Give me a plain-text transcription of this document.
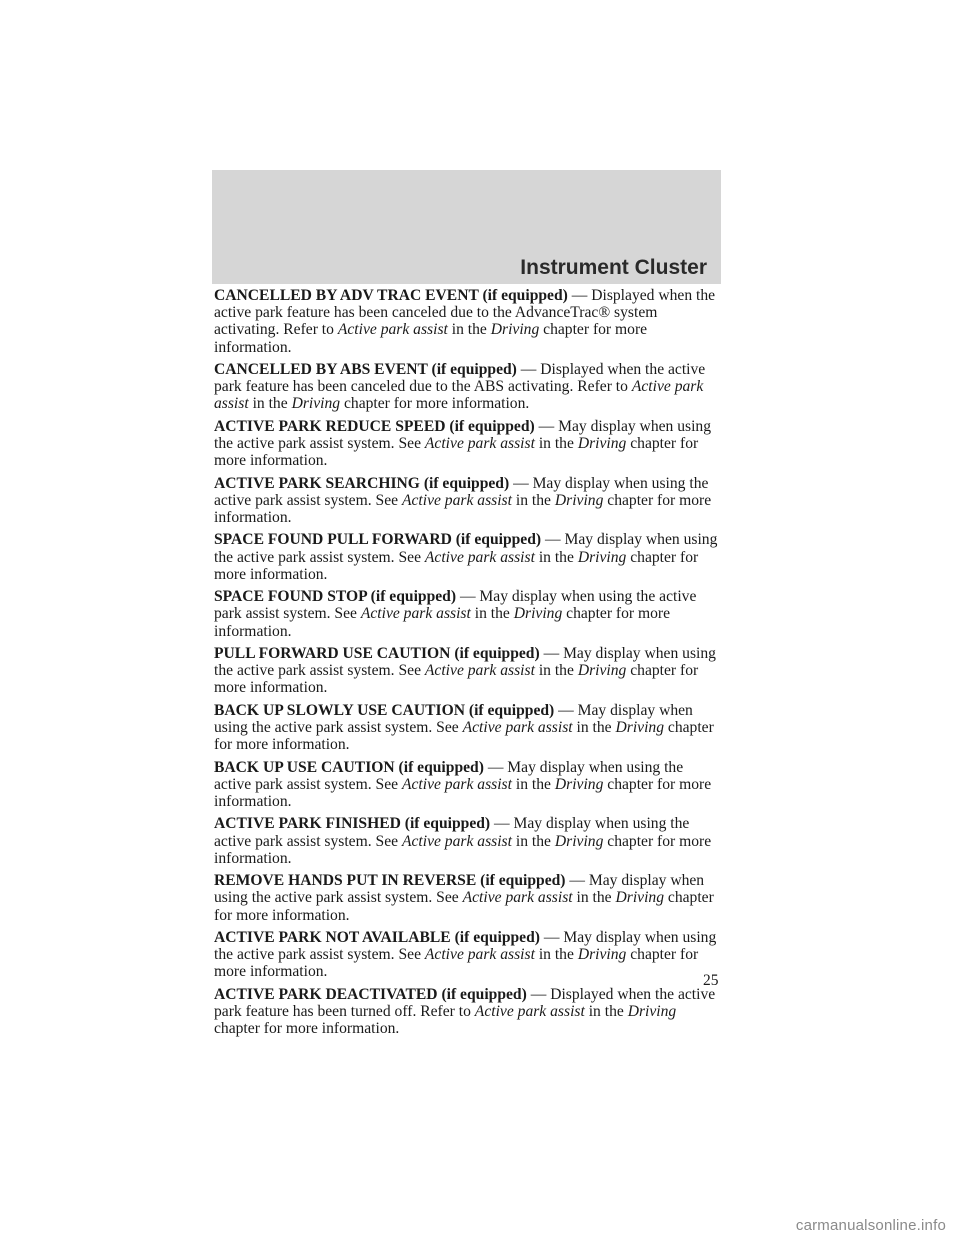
Instrument Cluster

CANCELLED BY ADV TRAC EVENT (if equipped) — Displayed when the active park feature has been canceled due to the AdvanceTrac® system activating. Refer to Active park assist in the Driving chapter for more information.

CANCELLED BY ABS EVENT (if equipped) — Displayed when the active park feature has been canceled due to the ABS activating. Refer to Active park assist in the Driving chapter for more information.

ACTIVE PARK REDUCE SPEED (if equipped) — May display when using the active park assist system. See Active park assist in the Driving chapter for more information.

ACTIVE PARK SEARCHING (if equipped) — May display when using the active park assist system. See Active park assist in the Driving chapter for more information.

SPACE FOUND PULL FORWARD (if equipped) — May display when using the active park assist system. See Active park assist in the Driving chapter for more information.

SPACE FOUND STOP (if equipped) — May display when using the active park assist system. See Active park assist in the Driving chapter for more information.

PULL FORWARD USE CAUTION (if equipped) — May display when using the active park assist system. See Active park assist in the Driving chapter for more information.

BACK UP SLOWLY USE CAUTION (if equipped) — May display when using the active park assist system. See Active park assist in the Driving chapter for more information.

BACK UP USE CAUTION (if equipped) — May display when using the active park assist system. See Active park assist in the Driving chapter for more information.

ACTIVE PARK FINISHED (if equipped) — May display when using the active park assist system. See Active park assist in the Driving chapter for more information.

REMOVE HANDS PUT IN REVERSE (if equipped) — May display when using the active park assist system. See Active park assist in the Driving chapter for more information.

ACTIVE PARK NOT AVAILABLE (if equipped) — May display when using the active park assist system. See Active park assist in the Driving chapter for more information.

ACTIVE PARK DEACTIVATED (if equipped) — Displayed when the active park feature has been turned off. Refer to Active park assist in the Driving chapter for more information.

25
carmanualsonline.info
